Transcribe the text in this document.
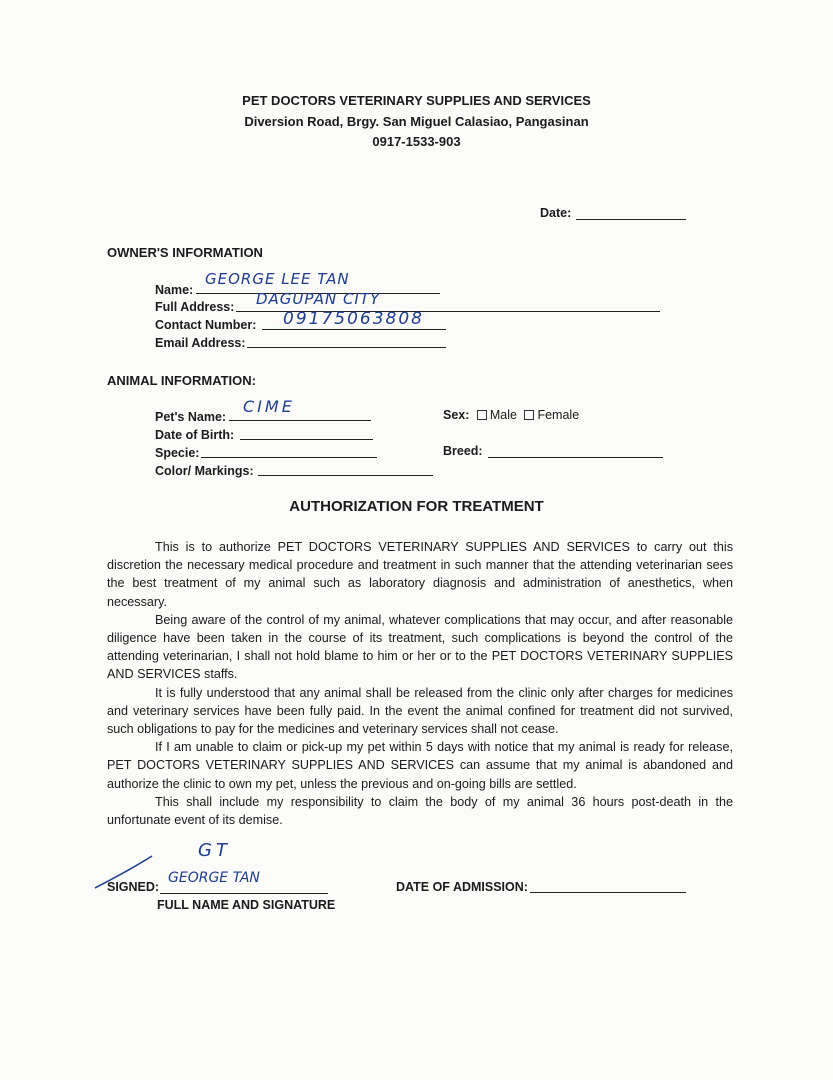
PET DOCTORS VETERINARY SUPPLIES AND SERVICES
Diversion Road, Brgy. San Miguel Calasiao, Pangasinan
0917-1533-903
Date:
OWNER'S INFORMATION
Name:
GEORGE LEE TAN
Full Address: DAGUPAN CITY
Contact Number: 09175063808
Email Address:
ANIMAL INFORMATION:
Pet's Name:
CIME
Date of Birth:
Specie:
Color/ Markings:
Sex: Male Female
Breed:
AUTHORIZATION FOR TREATMENT

This is to authorize PET DOCTORS VETERINARY SUPPLIES AND SERVICES to carry out this discretion the necessary medical procedure and treatment in such manner that the attending veterinarian sees the best treatment of my animal such as laboratory diagnosis and administration of anesthetics, when necessary.

Being aware of the control of my animal, whatever complications that may occur, and after reasonable diligence have been taken in the course of its treatment, such complications is beyond the control of the attending veterinarian, I shall not hold blame to him or her or to the PET DOCTORS VETERINARY SUPPLIES AND SERVICES staffs.

It is fully understood that any animal shall be released from the clinic only after charges for medicines and veterinary services have been fully paid. In the event the animal confined for treatment did not survived, such obligations to pay for the medicines and veterinary services shall not cease.

If I am unable to claim or pick-up my pet within 5 days with notice that my animal is ready for release, PET DOCTORS VETERINARY SUPPLIES AND SERVICES can assume that my animal is abandoned and authorize the clinic to own my pet, unless the previous and on-going bills are settled.

This shall include my responsibility to claim the body of my animal 36 hours post-death in the unfortunate event of its demise.

GT
SIGNED:
GEORGE TAN
FULL NAME AND SIGNATURE
DATE OF ADMISSION:
